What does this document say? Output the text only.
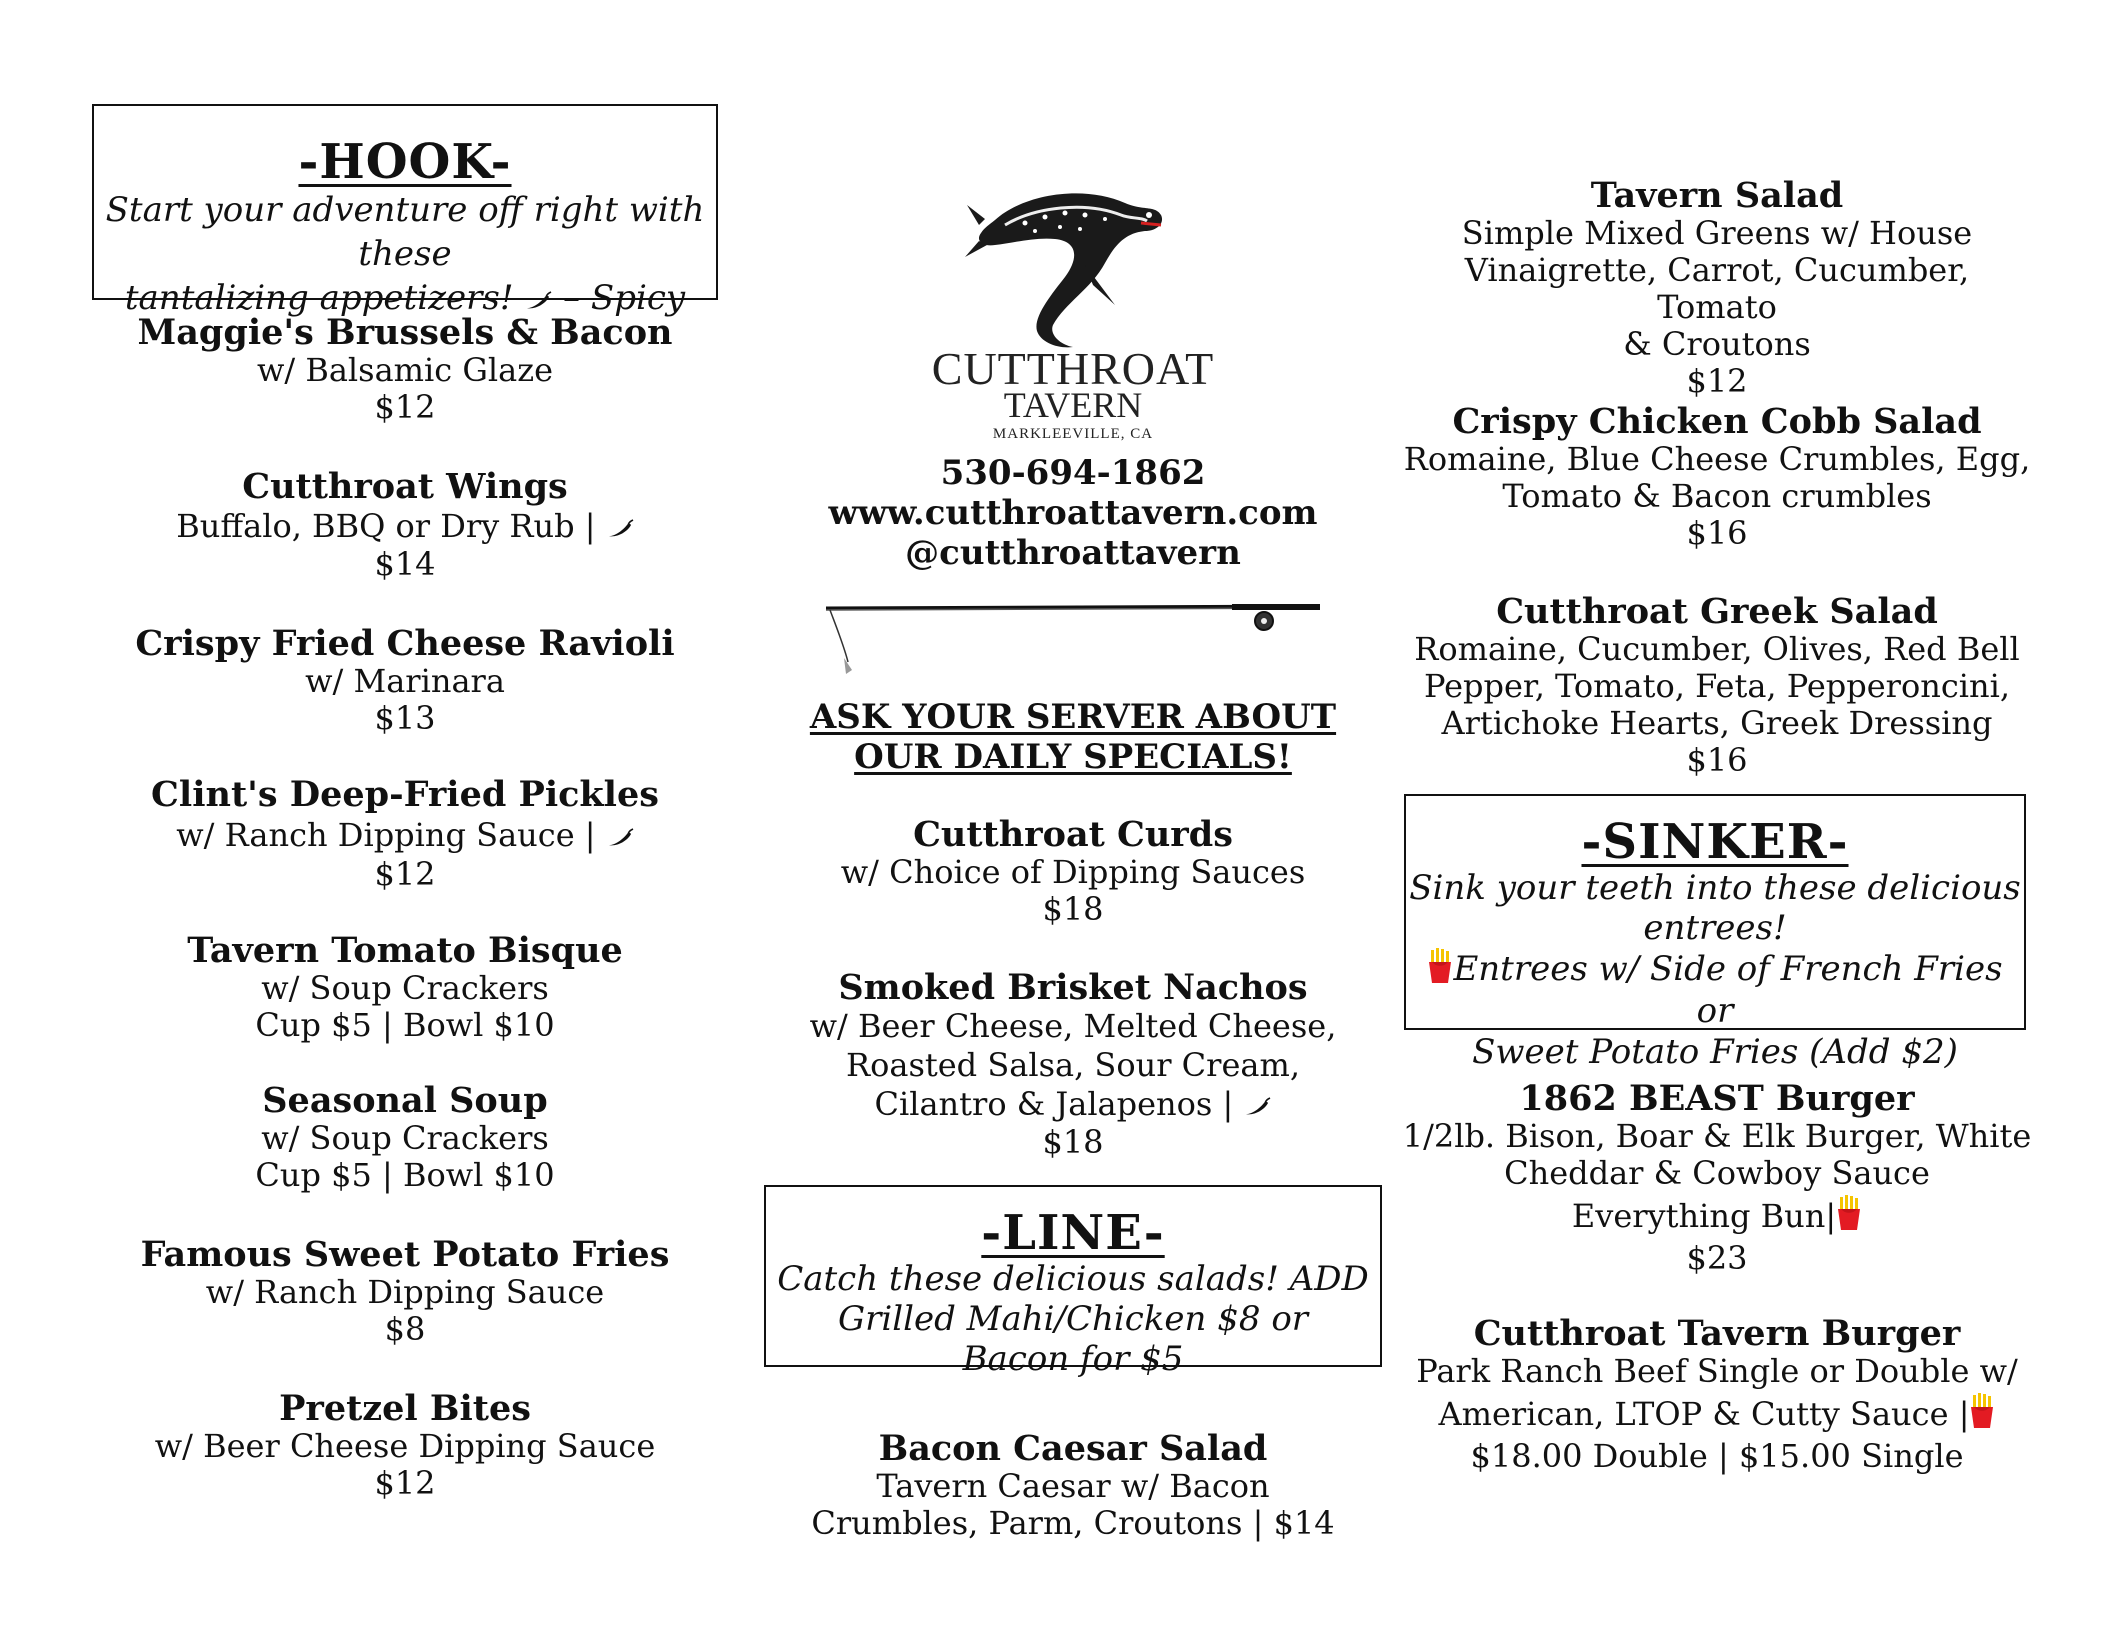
-HOOK-
Start your adventure off right with these
tantalizing appetizers! – Spicy
Maggie's Brussels & Bacon
w/ Balsamic Glaze
$12
Cutthroat Wings
Buffalo, BBQ or Dry Rub |
$14
Crispy Fried Cheese Ravioli
w/ Marinara
$13
Clint's Deep-Fried Pickles
w/ Ranch Dipping Sauce |
$12
Tavern Tomato Bisque
w/ Soup Crackers
Cup $5 | Bowl $10
Seasonal Soup
w/ Soup Crackers
Cup $5 | Bowl $10
Famous Sweet Potato Fries
w/ Ranch Dipping Sauce
$8
Pretzel Bites
w/ Beer Cheese Dipping Sauce
$12
CUTTHROAT
TAVERN
MARKLEEVILLE, CA
530-694-1862
www.cutthroattavern.com
@cutthroattavern
ASK YOUR SERVER ABOUT
OUR DAILY SPECIALS!
Cutthroat Curds
w/ Choice of Dipping Sauces
$18
Smoked Brisket Nachos
w/ Beer Cheese, Melted Cheese,
Roasted Salsa, Sour Cream,
Cilantro & Jalapenos |
$18
-LINE-
Catch these delicious salads! ADD
Grilled Mahi/Chicken $8 or
Bacon for $5
Bacon Caesar Salad
Tavern Caesar w/ Bacon
Crumbles, Parm, Croutons | $14
Tavern Salad
Simple Mixed Greens w/ House
Vinaigrette, Carrot, Cucumber, Tomato
& Croutons
$12
Crispy Chicken Cobb Salad
Romaine, Blue Cheese Crumbles, Egg,
Tomato & Bacon crumbles
$16
Cutthroat Greek Salad
Romaine, Cucumber, Olives, Red Bell
Pepper, Tomato, Feta, Pepperoncini,
Artichoke Hearts, Greek Dressing
$16
-SINKER-
Sink your teeth into these delicious
entrees!
Entrees w/ Side of French Fries or
Sweet Potato Fries (Add $2)
1862 BEAST Burger
1/2lb. Bison, Boar & Elk Burger, White
Cheddar & Cowboy Sauce
Everything Bun|
$23
Cutthroat Tavern Burger
Park Ranch Beef Single or Double w/
American, LTOP & Cutty Sauce |
$18.00 Double | $15.00 Single
